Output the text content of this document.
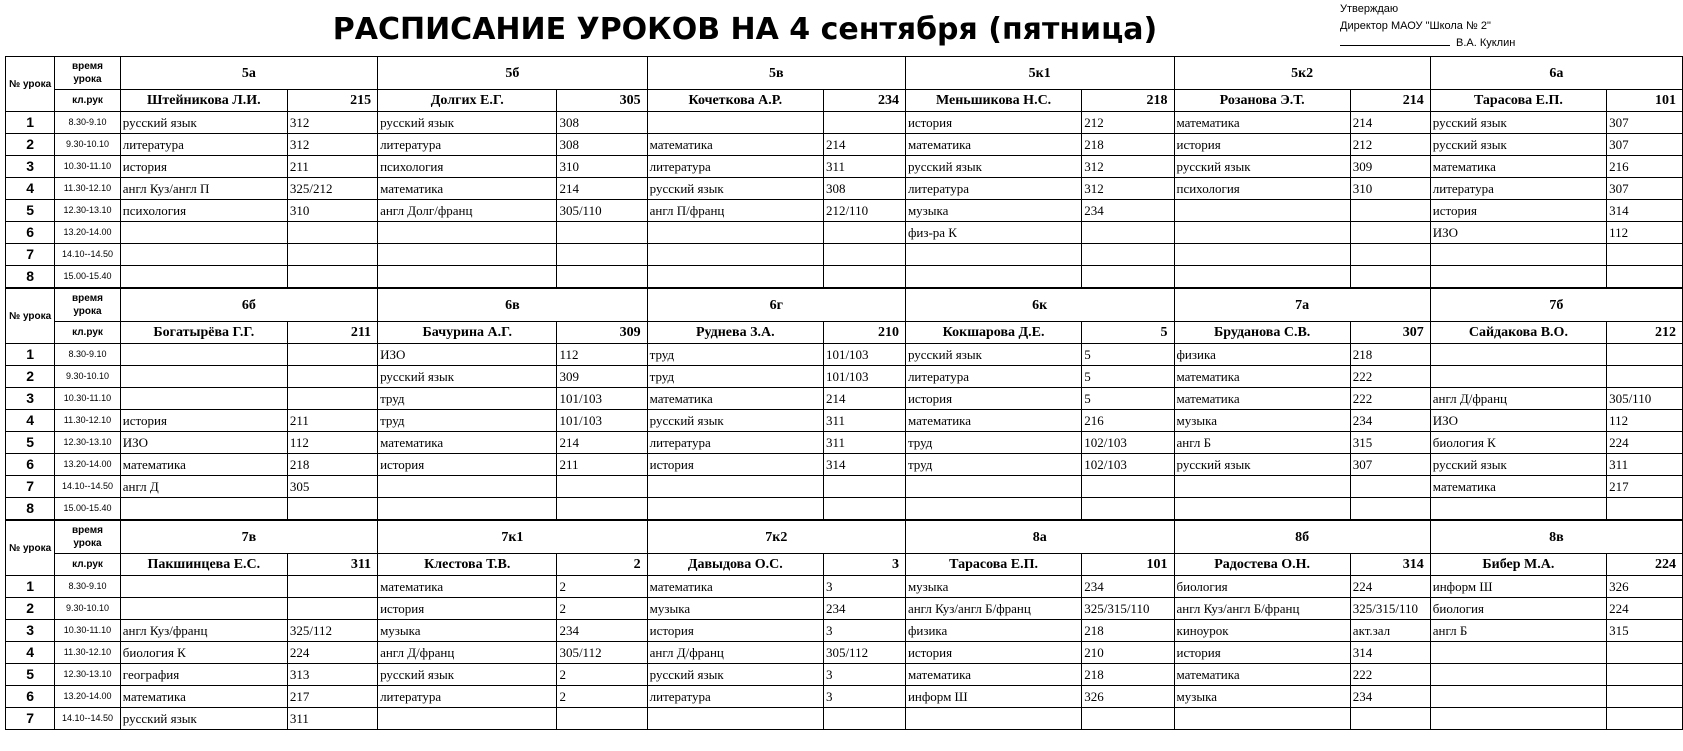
РАСПИСАНИЕ УРОКОВ НА 4 сентября (пятница)
Утверждаю
Директор МАОУ "Школа № 2"
В.А. Куклин
№ урока	время урока	5а		5б		5в		5к1		5к2		6а	
	кл.рук	Штейникова Л.И.	215	Долгих Е.Г.	305	Кочеткова А.Р.	234	Меньшикова Н.С.	218	Розанова Э.Т.	214	Тарасова Е.П.	101
1	8.30-9.10	русский язык	312	русский язык	308			история	212	математика	214	русский язык	307
2	9.30-10.10	литература	312	литература	308	математика	214	математика	218	история	212	русский язык	307
3	10.30-11.10	история	211	психология	310	литература	311	русский язык	312	русский язык	309	математика	216
4	11.30-12.10	англ Куз/англ П	325/212	математика	214	русский язык	308	литература	312	психология	310	литература	307
5	12.30-13.10	психология	310	англ Долг/франц	305/110	англ П/франц	212/110	музыка	234			история	314
6	13.20-14.00							физ-ра К				ИЗО	112
7	14.10--14.50												
8	15.00-15.40												
№ урока	время урока	6б		6в		6г		6к		7а		7б	
	кл.рук	Богатырёва Г.Г.	211	Бачурина А.Г.	309	Руднева З.А.	210	Кокшарова Д.Е.	5	Бруданова С.В.	307	Сайдакова В.О.	212
1	8.30-9.10			ИЗО	112	труд	101/103	русский язык	5	физика	218		
2	9.30-10.10			русский язык	309	труд	101/103	литература	5	математика	222		
3	10.30-11.10			труд	101/103	математика	214	история	5	математика	222	англ Д/франц	305/110
4	11.30-12.10	история	211	труд	101/103	русский язык	311	математика	216	музыка	234	ИЗО	112
5	12.30-13.10	ИЗО	112	математика	214	литература	311	труд	102/103	англ Б	315	биология К	224
6	13.20-14.00	математика	218	история	211	история	314	труд	102/103	русский язык	307	русский язык	311
7	14.10--14.50	англ Д	305									математика	217
8	15.00-15.40												
№ урока	время урока	7в		7к1		7к2		8а		8б		8в	
	кл.рук	Пакшинцева Е.С.	311	Клестова Т.В.	2	Давыдова О.С.	3	Тарасова Е.П.	101	Радостева О.Н.	314	Бибер М.А.	224
1	8.30-9.10			математика	2	математика	3	музыка	234	биология	224	информ Ш	326
2	9.30-10.10			история	2	музыка	234	англ Куз/англ Б/франц	325/315/110	англ Куз/англ Б/франц	325/315/110	биология	224
3	10.30-11.10	англ Куз/франц	325/112	музыка	234	история	3	физика	218	киноурок	акт.зал	англ Б	315
4	11.30-12.10	биология К	224	англ Д/франц	305/112	англ Д/франц	305/112	история	210	история	314		
5	12.30-13.10	география	313	русский язык	2	русский язык	3	математика	218	математика	222		
6	13.20-14.00	математика	217	литература	2	литература	3	информ Ш	326	музыка	234		
7	14.10--14.50	русский язык	311										
